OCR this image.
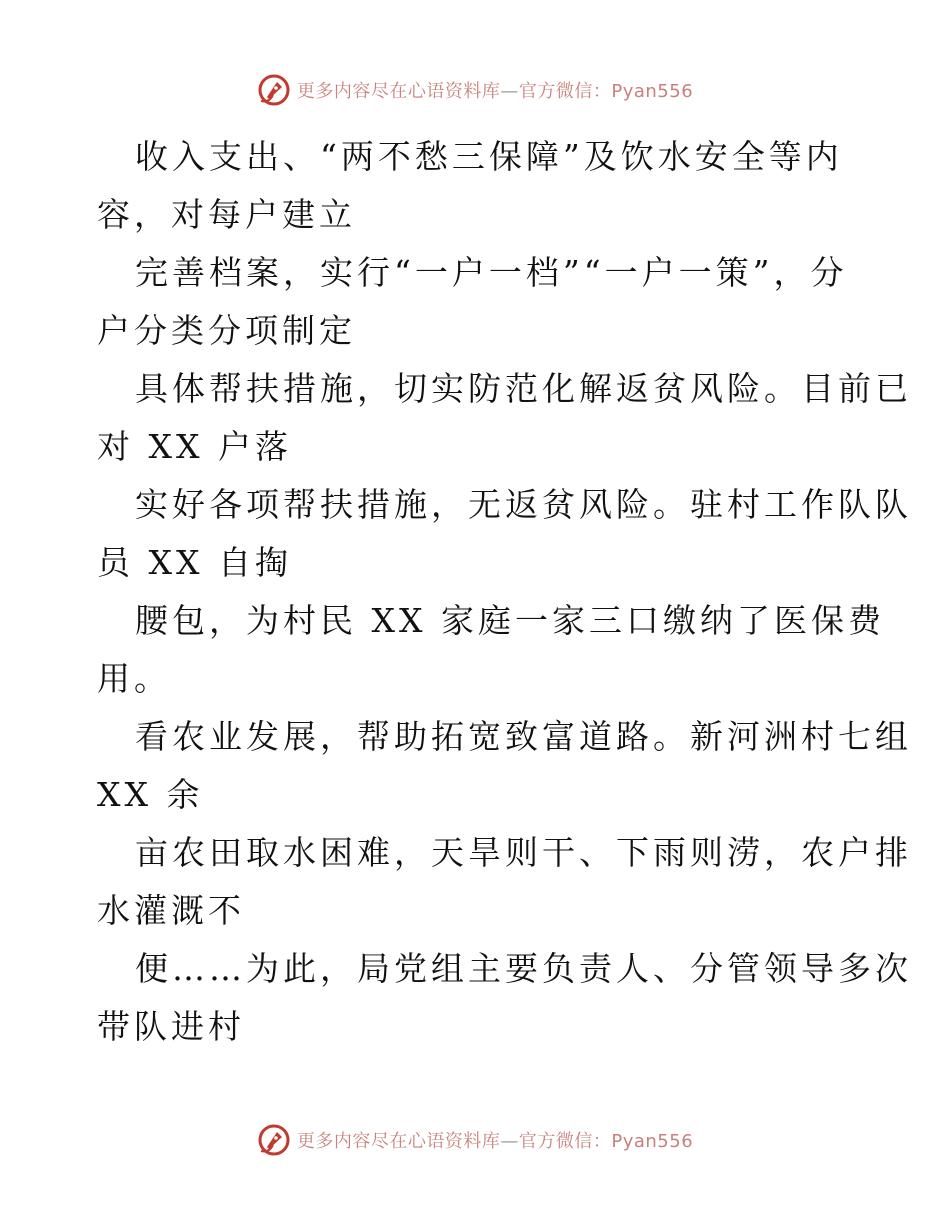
更多内容尽在心语资料库—官方微信：Pyan556
收入支出、“两不愁三保障”及饮水安全等内
容，对每户建立
完善档案，实行“一户一档”“一户一策”，分
户分类分项制定
具体帮扶措施，切实防范化解返贫风险。目前已
对 XX 户落
实好各项帮扶措施，无返贫风险。驻村工作队队
员 XX 自掏
腰包，为村民 XX 家庭一家三口缴纳了医保费
用。
看农业发展，帮助拓宽致富道路。新河洲村七组
XX 余
亩农田取水困难，天旱则干、下雨则涝，农户排
水灌溉不
便……为此，局党组主要负责人、分管领导多次
带队进村
更多内容尽在心语资料库—官方微信：Pyan556
